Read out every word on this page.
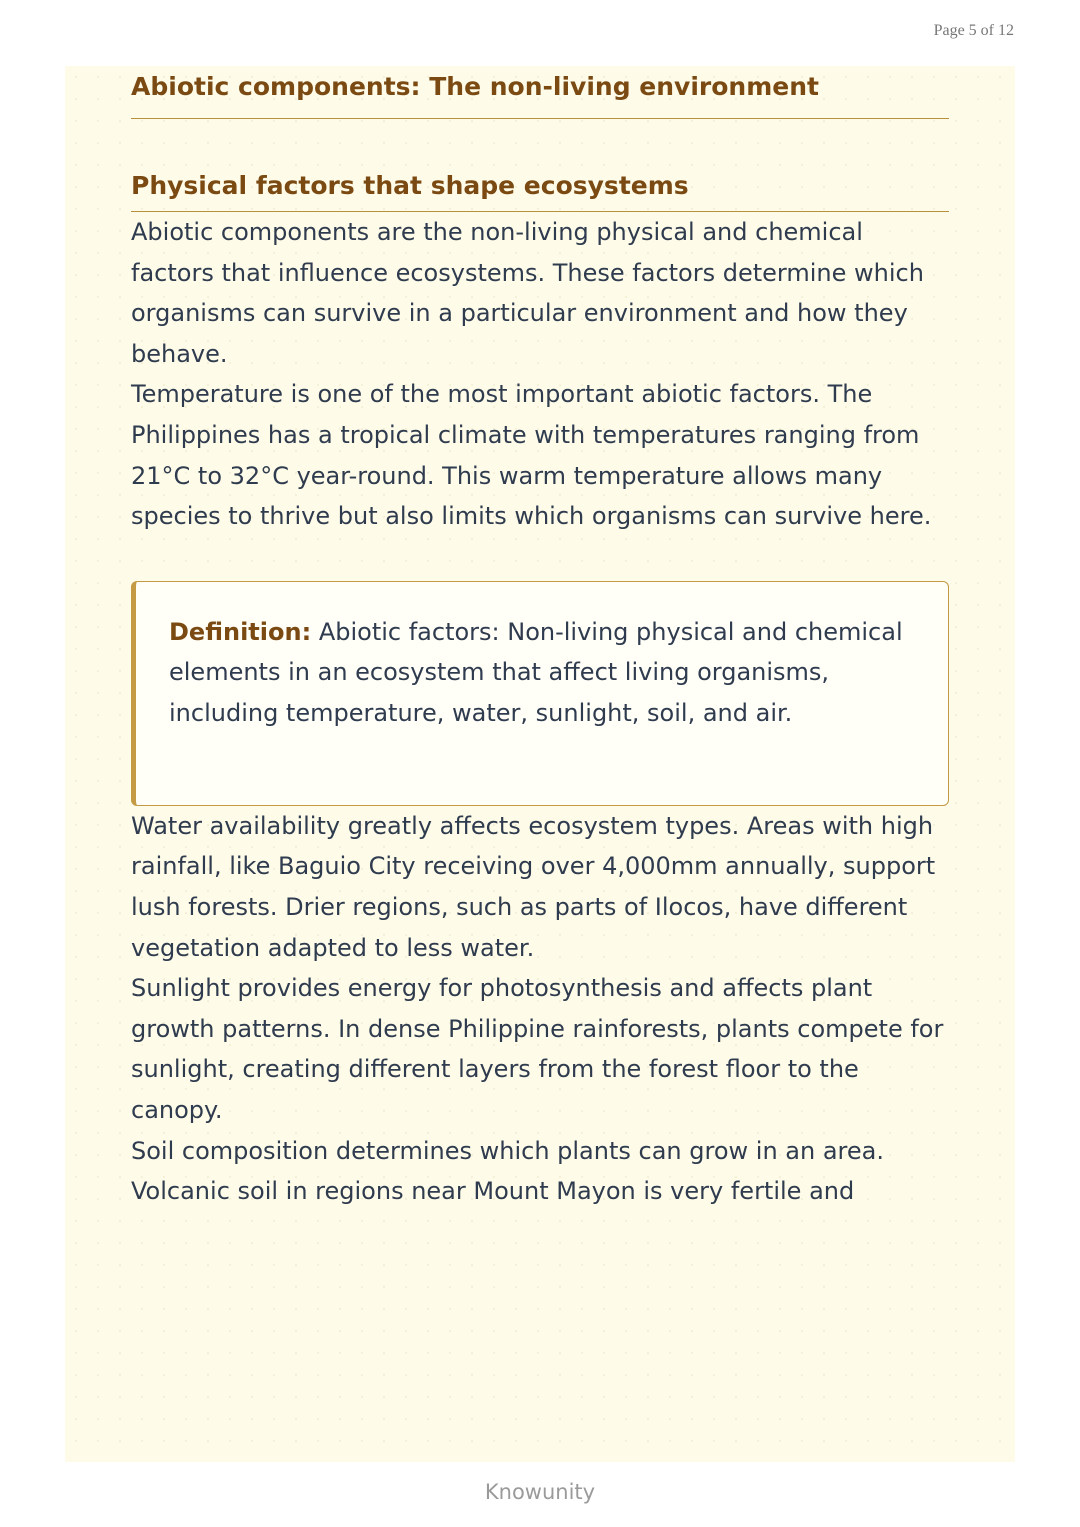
Page 5 of 12
Abiotic components: The non-living environment
Physical factors that shape ecosystems

Abiotic components are the non-living physical and chemical factors that influence ecosystems. These factors determine which organisms can survive in a particular environment and how they behave.

Temperature is one of the most important abiotic factors. The Philippines has a tropical climate with temperatures ranging from 21°C to 32°C year-round. This warm temperature allows many species to thrive but also limits which organisms can survive here.

Definition: Abiotic factors: Non-living physical and chemical elements in an ecosystem that affect living organisms, including temperature, water, sunlight, soil, and air.

Water availability greatly affects ecosystem types. Areas with high rainfall, like Baguio City receiving over 4,000mm annually, support lush forests. Drier regions, such as parts of Ilocos, have different vegetation adapted to less water.

Sunlight provides energy for photosynthesis and affects plant growth patterns. In dense Philippine rainforests, plants compete for sunlight, creating different layers from the forest floor to the canopy.

Soil composition determines which plants can grow in an area. Volcanic soil in regions near Mount Mayon is very fertile and

Knowunity
